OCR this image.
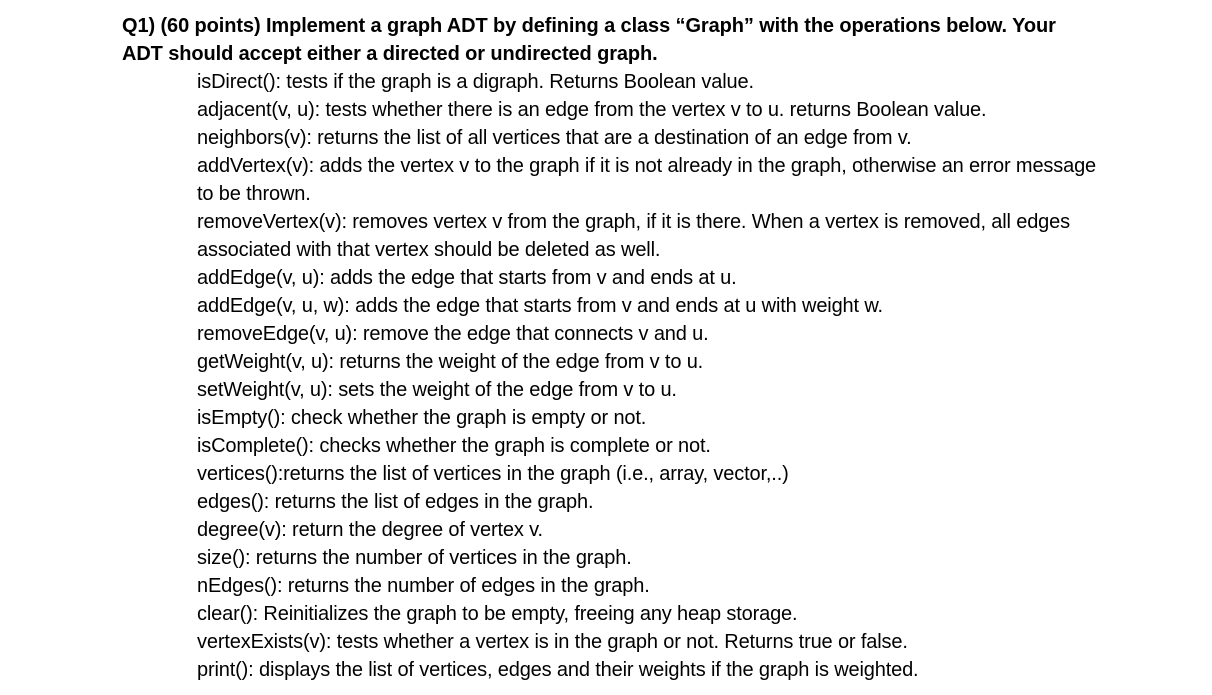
Q1) (60 points) Implement a graph ADT by defining a class “Graph” with the operations below. Your ADT should accept either a directed or undirected graph.
isDirect(): tests if the graph is a digraph. Returns Boolean value.
adjacent(v, u): tests whether there is an edge from the vertex v to u. returns Boolean value.
neighbors(v): returns the list of all vertices that are a destination of an edge from v.
addVertex(v): adds the vertex v to the graph if it is not already in the graph, otherwise an error message to be thrown.
removeVertex(v): removes vertex v from the graph, if it is there. When a vertex is removed, all edges associated with that vertex should be deleted as well.
addEdge(v, u): adds the edge that starts from v and ends at u.
addEdge(v, u, w): adds the edge that starts from v and ends at u with weight w.
removeEdge(v, u): remove the edge that connects v and u.
getWeight(v, u): returns the weight of the edge from v to u.
setWeight(v, u): sets the weight of the edge from v to u.
isEmpty(): check whether the graph is empty or not.
isComplete(): checks whether the graph is complete or not.
vertices():returns the list of vertices in the graph (i.e., array, vector,..)
edges(): returns the list of edges in the graph.
degree(v): return the degree of vertex v.
size(): returns the number of vertices in the graph.
nEdges(): returns the number of edges in the graph.
clear(): Reinitializes the graph to be empty, freeing any heap storage.
vertexExists(v): tests whether a vertex is in the graph or not. Returns true or false.
print(): displays the list of vertices, edges and their weights if the graph is weighted.
